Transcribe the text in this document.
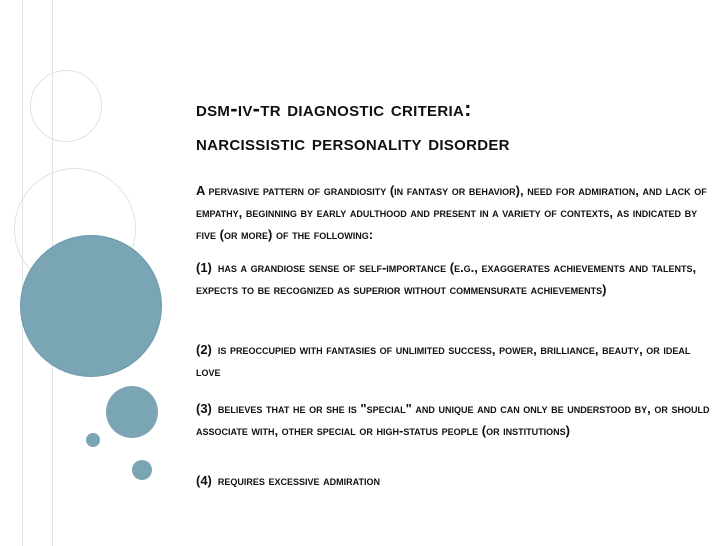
dsm-iv-tr diagnostic criteria:
narcissistic personality disorder
A pervasive pattern of grandiosity (in fantasy or behavior), need for admiration, and lack of empathy, beginning by early adulthood and present in a variety of contexts, as indicated by five (or more) of the following:
(1) has a grandiose sense of self-importance (e.g., exaggerates achievements and talents, expects to be recognized as superior without commensurate achievements)
(2) is preoccupied with fantasies of unlimited success, power, brilliance, beauty, or ideal love
(3) believes that he or she is "special" and unique and can only be understood by, or should associate with, other special or high-status people (or institutions)
(4) requires excessive admiration
